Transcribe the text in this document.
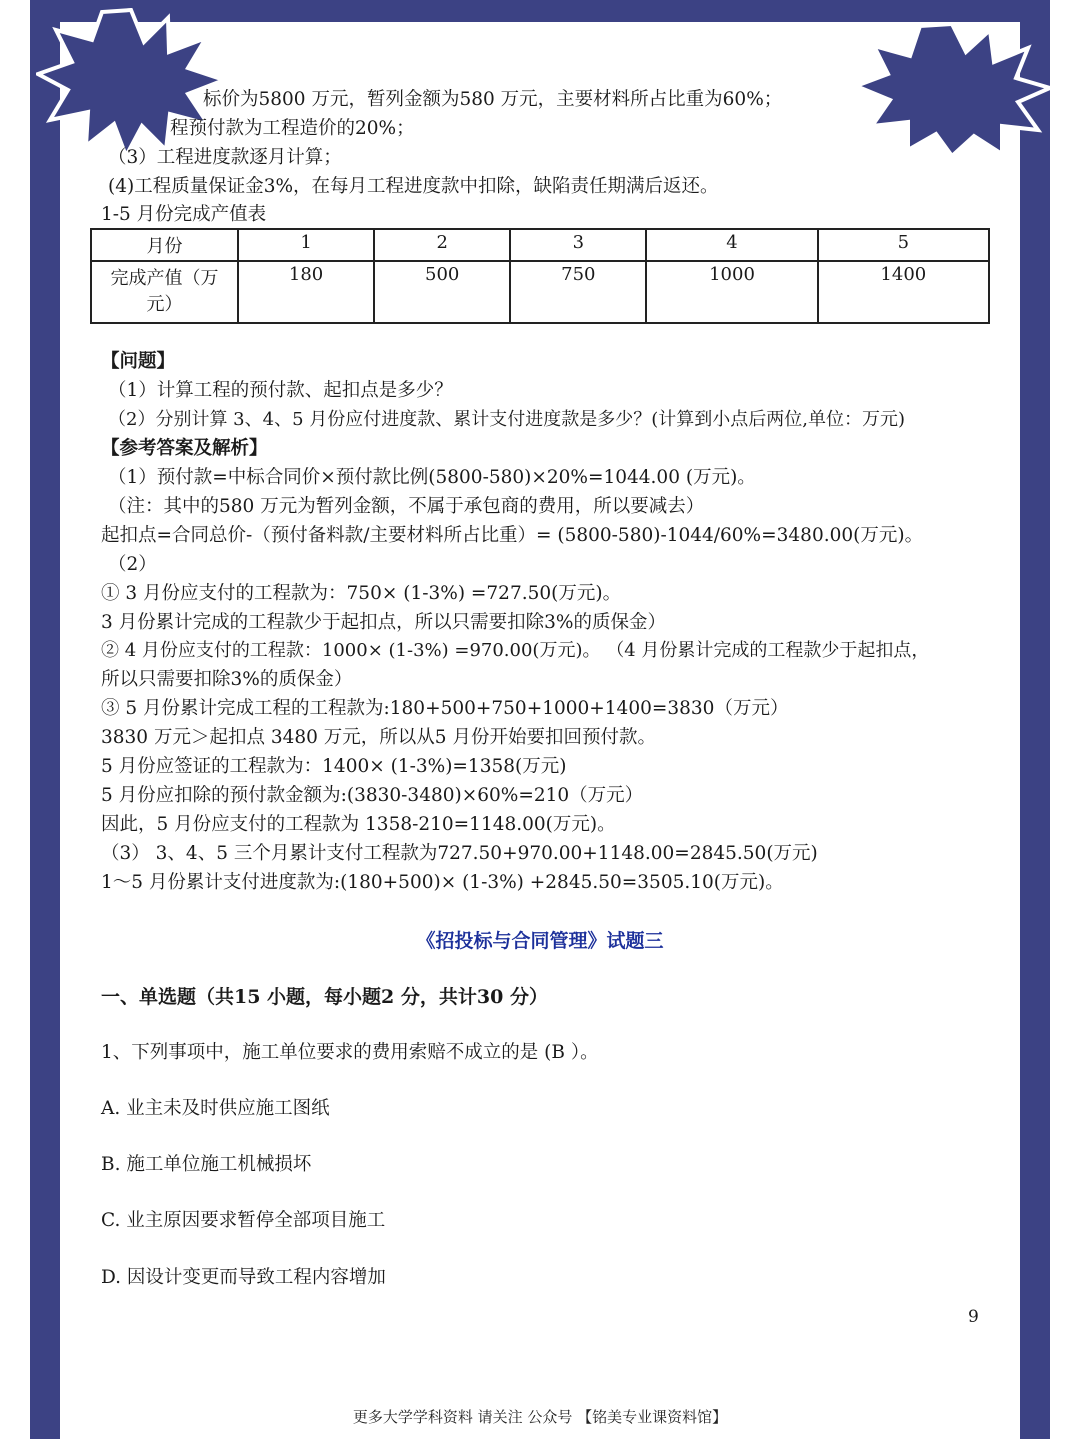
标价为5800 万元，暂列金额为580 万元，主要材料所占比重为60%；
程预付款为工程造价的20%；
（3）工程进度款逐月计算；
(4)工程质量保证金3%，在每月工程进度款中扣除，缺陷责任期满后返还。
1-5 月份完成产值表
月份	1	2	3	4	5

完成产值（万
元）	180	500	750	1000	1400
【问题】
（1）计算工程的预付款、起扣点是多少？
（2）分别计算 3、4、5 月份应付进度款、累计支付进度款是多少？(计算到小点后两位,单位：万元)
【参考答案及解析】
（1）预付款=中标合同价×预付款比例(5800-580)×20%=1044.00 (万元)。
（注：其中的580 万元为暂列金额，不属于承包商的费用，所以要减去）
起扣点=合同总价-（预付备料款/主要材料所占比重）= (5800-580)-1044/60%=3480.00(万元)。
（2）
① 3 月份应支付的工程款为：750× (1-3%) =727.50(万元)。
3 月份累计完成的工程款少于起扣点，所以只需要扣除3%的质保金）
② 4 月份应支付的工程款：1000× (1-3%) =970.00(万元)。 （4 月份累计完成的工程款少于起扣点，
所以只需要扣除3%的质保金）
③ 5 月份累计完成工程的工程款为:180+500+750+1000+1400=3830（万元）
3830 万元＞起扣点 3480 万元，所以从5 月份开始要扣回预付款。
5 月份应签证的工程款为：1400× (1-3%)=1358(万元)
5 月份应扣除的预付款金额为:(3830-3480)×60%=210（万元）
因此，5 月份应支付的工程款为 1358-210=1148.00(万元)。
（3） 3、4、5 三个月累计支付工程款为727.50+970.00+1148.00=2845.50(万元)
1～5 月份累计支付进度款为:(180+500)× (1-3%) +2845.50=3505.10(万元)。
《招投标与合同管理》试题三
一、单选题（共15 小题，每小题2 分，共计30 分）
1、下列事项中，施工单位要求的费用索赔不成立的是 (B ）。
A. 业主未及时供应施工图纸
B. 施工单位施工机械损坏
C. 业主原因要求暂停全部项目施工
D. 因设计变更而导致工程内容增加
9
更多大学学科资料 请关注 公众号 【铭美专业课资料馆】
